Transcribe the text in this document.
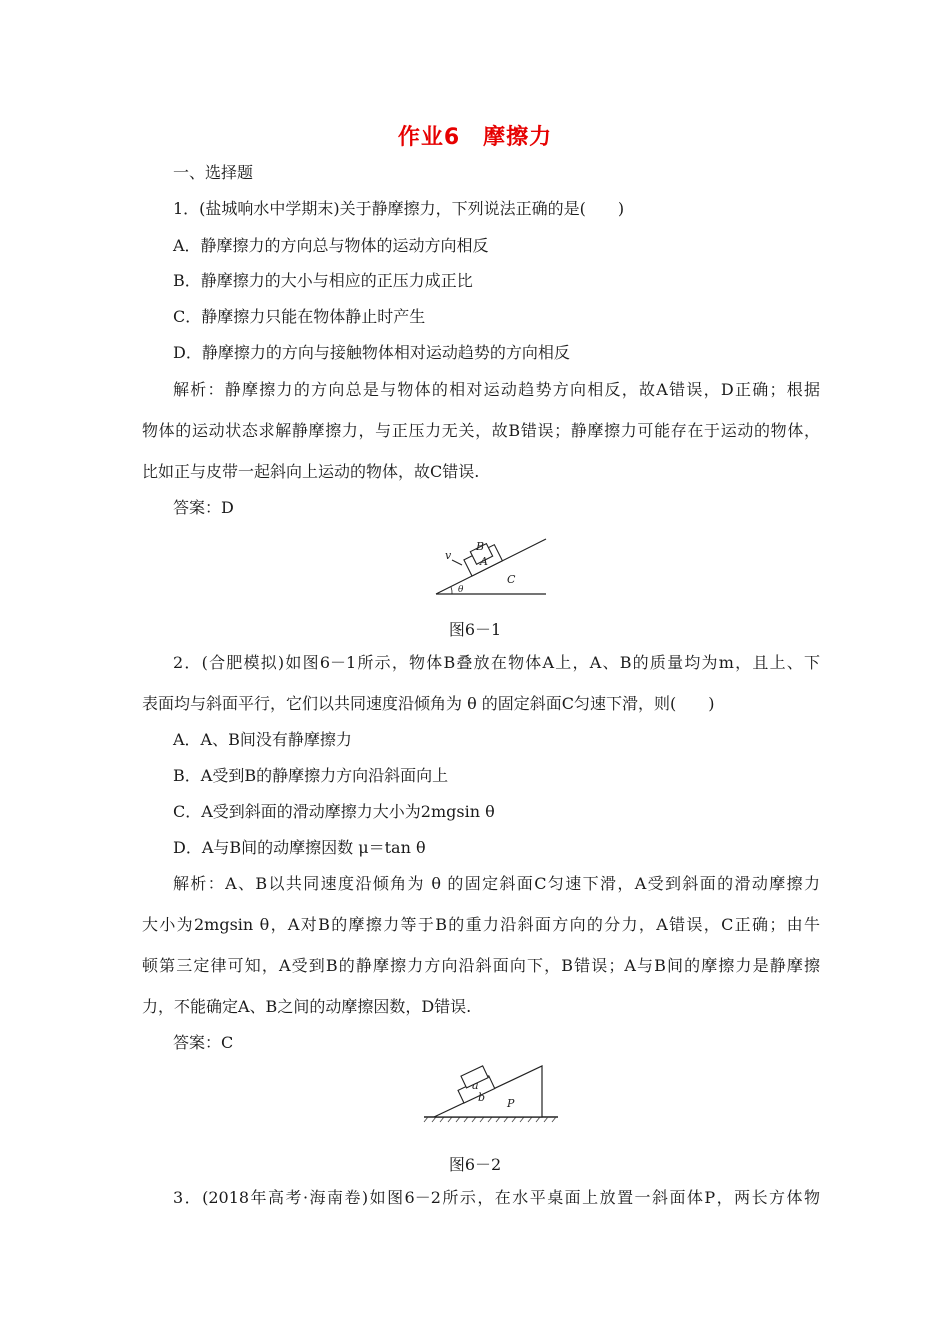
作业6　摩擦力
一、选择题
1．(盐城响水中学期末)关于静摩擦力，下列说法正确的是(　　)
A．静摩擦力的方向总与物体的运动方向相反
B．静摩擦力的大小与相应的正压力成正比
C．静摩擦力只能在物体静止时产生
D．静摩擦力的方向与接触物体相对运动趋势的方向相反
解析：静摩擦力的方向总是与物体的相对运动趋势方向相反，故A错误，D正确；根据
物体的运动状态求解静摩擦力，与正压力无关，故B错误；静摩擦力可能存在于运动的物体，
比如正与皮带一起斜向上运动的物体，故C错误.
答案：D
v
B
A
C
θ
图6－1
2．(合肥模拟)如图6－1所示，物体B叠放在物体A上，A、B的质量均为m，且上、下
表面均与斜面平行，它们以共同速度沿倾角为 θ 的固定斜面C匀速下滑，则(　　)
A．A、B间没有静摩擦力
B．A受到B的静摩擦力方向沿斜面向上
C．A受到斜面的滑动摩擦力大小为2mgsin θ
D．A与B间的动摩擦因数 μ＝tan θ
解析：A、B以共同速度沿倾角为 θ 的固定斜面C匀速下滑，A受到斜面的滑动摩擦力
大小为2mgsin θ，A对B的摩擦力等于B的重力沿斜面方向的分力，A错误，C正确；由牛
顿第三定律可知，A受到B的静摩擦力方向沿斜面向下，B错误；A与B间的摩擦力是静摩擦
力，不能确定A、B之间的动摩擦因数，D错误.
答案：C
a
b P
图6－2
3．(2018年高考·海南卷)如图6－2所示，在水平桌面上放置一斜面体P，两长方体物
